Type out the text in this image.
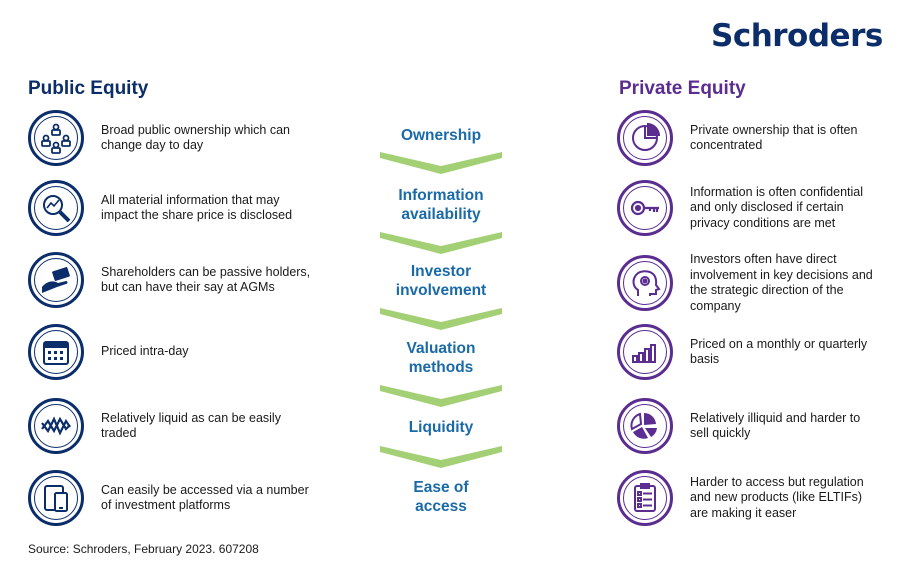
Schroders
Public Equity	Private Equity
Broad public ownership which can change day to day
All material information that may impact the share price is disclosed
Shareholders can be passive holders, but can have their say at AGMs
Priced intra-day
Relatively liquid as can be easily traded
Can easily be accessed via a number of investment platforms
Ownership
Information
availability
Investor
involvement
Valuation
methods
Liquidity
Ease of
access
Private ownership that is often concentrated
Information is often confidential and only disclosed if certain privacy conditions are met
Investors often have direct involvement in key decisions and the strategic direction of the company
Priced on a monthly or quarterly basis
Relatively illiquid and harder to sell quickly
Harder to access but regulation and new products (like ELTIFs) are making it easer
Source: Schroders, February 2023. 607208
